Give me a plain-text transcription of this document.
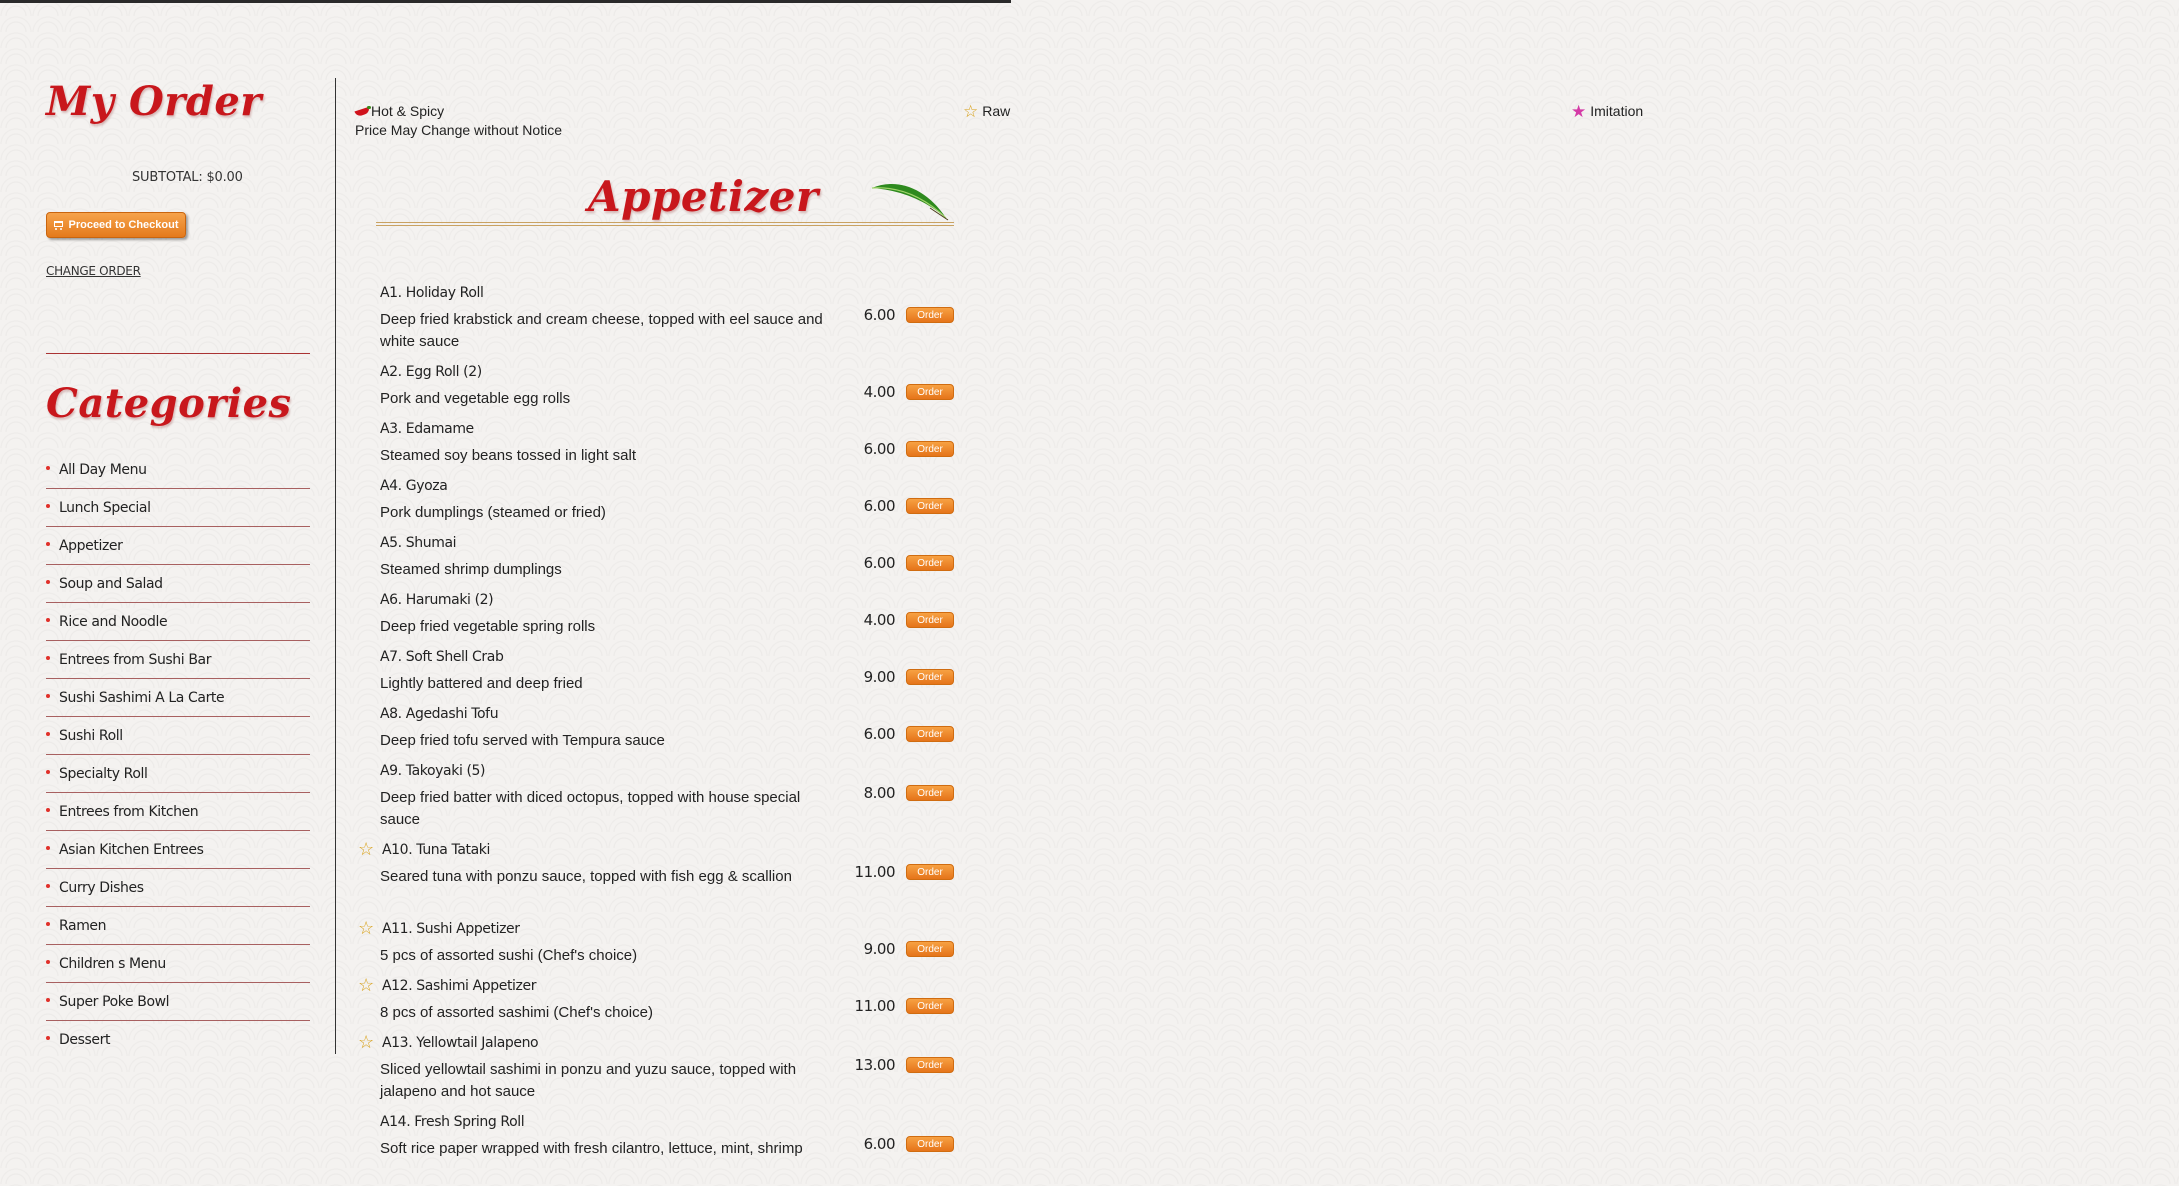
My Order
SUBTOTAL: $0.00
Proceed to Checkout
CHANGE ORDER
Categories
All Day Menu
Lunch Special
Appetizer
Soup and Salad
Rice and Noodle
Entrees from Sushi Bar
Sushi Sashimi A La Carte
Sushi Roll
Specialty Roll
Entrees from Kitchen
Asian Kitchen Entrees
Curry Dishes
Ramen
Children s Menu
Super Poke Bowl
Dessert
Hot & Spicy	☆ Raw	★ Imitation
Price May Change without Notice
Appetizer
A1. Holiday Roll
Deep fried krabstick and cream cheese, topped with eel sauce and white sauce
6.00	Order
A2. Egg Roll (2)
Pork and vegetable egg rolls	4.00	Order
A3. Edamame
Steamed soy beans tossed in light salt	6.00	Order
A4. Gyoza
Pork dumplings (steamed or fried)	6.00	Order
A5. Shumai
Steamed shrimp dumplings	6.00	Order
A6. Harumaki (2)
Deep fried vegetable spring rolls	4.00	Order
A7. Soft Shell Crab
Lightly battered and deep fried	9.00	Order
A8. Agedashi Tofu
Deep fried tofu served with Tempura sauce	6.00	Order
A9. Takoyaki (5)
Deep fried batter with diced octopus, topped with house special sauce
8.00	Order
☆ A10. Tuna Tataki
Seared tuna with ponzu sauce, topped with fish egg & scallion	11.00	Order
☆ A11. Sushi Appetizer
5 pcs of assorted sushi (Chef's choice)	9.00	Order
☆ A12. Sashimi Appetizer
8 pcs of assorted sashimi (Chef's choice)	11.00	Order
☆ A13. Yellowtail Jalapeno
Sliced yellowtail sashimi in ponzu and yuzu sauce, topped with jalapeno and hot sauce
13.00	Order
A14. Fresh Spring Roll
Soft rice paper wrapped with fresh cilantro, lettuce, mint, shrimp	6.00	Order
